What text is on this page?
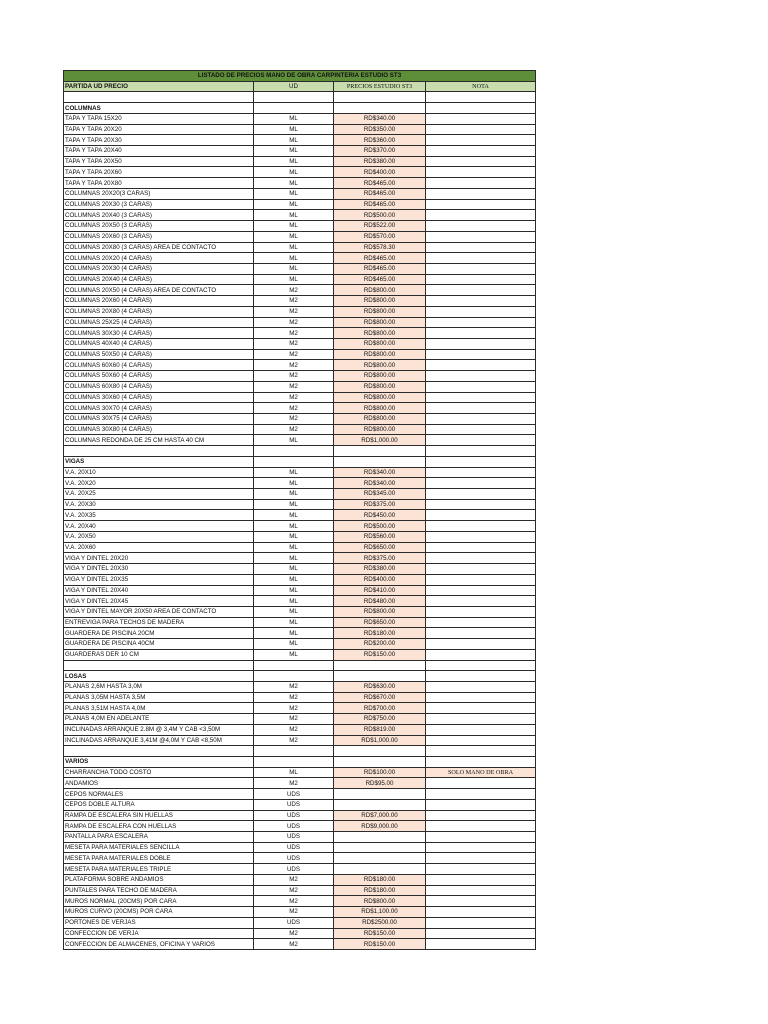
LISTADO DE PRECIOS MANO DE OBRA CARPINTERIA ESTUDIO ST3			
PARTIDA UD PRECIO	UD	PRECIOS ESTUDIO ST3	NOTA

COLUMNAS			
TAPA Y TAPA 15X20	ML	RD$340.00	
TAPA Y TAPA 20X20	ML	RD$350.00	
TAPA Y TAPA 20X30	ML	RD$360.00	
TAPA Y TAPA 20X40	ML	RD$370.00	
TAPA Y TAPA 20X50	ML	RD$380.00	
TAPA Y TAPA 20X60	ML	RD$400.00	
TAPA Y TAPA 20X80	ML	RD$465.00	
COLUMNAS 20X20(3 CARAS)	ML	RD$465.00	
COLUMNAS 20X30 (3 CARAS)	ML	RD$465.00	
COLUMNAS 20X40 (3 CARAS)	ML	RD$500.00	
COLUMNAS 20X50 (3 CARAS)	ML	RD$522.00	
COLUMNAS 20X60 (3 CARAS)	ML	RD$570.00	
COLUMNAS 20X80 (3 CARAS) AREA DE CONTACTO	ML	RD$578.30	
COLUMNAS 20X20 (4 CARAS)	ML	RD$465.00	
COLUMNAS 20X30 (4 CARAS)	ML	RD$465.00	
COLUMNAS 20X40 (4 CARAS)	ML	RD$465.00	
COLUMNAS 20X50 (4 CARAS) AREA DE CONTACTO	M2	RD$800.00	
COLUMNAS 20X60 (4 CARAS)	M2	RD$800.00	
COLUMNAS 20X80 (4 CARAS)	M2	RD$800.00	
COLUMNAS 25X25 (4 CARAS)	M2	RD$800.00	
COLUMNAS 30X30 (4 CARAS)	M2	RD$800.00	
COLUMNAS 40X40 (4 CARAS)	M2	RD$800.00	
COLUMNAS 50X50 (4 CARAS)	M2	RD$800.00	
COLUMNAS 60X60 (4 CARAS)	M2	RD$800.00	
COLUMNAS 50X60 (4 CARAS)	M2	RD$800.00	
COLUMNAS 60X80 (4 CARAS)	M2	RD$800.00	
COLUMNAS 30X60 (4 CARAS)	M2	RD$800.00	
COLUMNAS 30X70 (4 CARAS)	M2	RD$800.00	
COLUMNAS 30X75 (4 CARAS)	M2	RD$800.00	
COLUMNAS 30X80 (4 CARAS)	M2	RD$800.00	
COLUMNAS REDONDA DE 25 CM HASTA 40 CM	ML	RD$1,000.00	

VIGAS			
V.A. 20X10	ML	RD$340.00	
V.A. 20X20	ML	RD$340.00	
V.A. 20X25	ML	RD$345.00	
V.A. 20X30	ML	RD$375.00	
V.A. 20X35	ML	RD$450.00	
V.A. 20X40	ML	RD$500.00	
V.A. 20X50	ML	RD$560.00	
V.A. 20X60	ML	RD$650.00	
VIGA Y DINTEL 20X20	ML	RD$375.00	
VIGA Y DINTEL 20X30	ML	RD$380.00	
VIGA Y DINTEL 20X35	ML	RD$400.00	
VIGA Y DINTEL 20X40	ML	RD$410.00	
VIGA Y DINTEL 20X45	ML	RD$480.00	
VIGA Y DINTEL MAYOR 20X50 AREA DE CONTACTO	ML	RD$800.00	
ENTREVIGA PARA TECHOS DE MADERA	ML	RD$650.00	
GUARDERA DE PISCINA 20CM	ML	RD$180.00	
GUARDERA DE PISCINA 40CM	ML	RD$200.00	
GUARDERAS DER 10 CM	ML	RD$150.00	

LOSAS			
PLANAS 2,6M HASTA 3,0M	M2	RD$630.00	
PLANAS 3,05M HASTA 3,5M	M2	RD$670.00	
PLANAS 3,51M HASTA 4,0M	M2	RD$700.00	
PLANAS 4,0M EN ADELANTE	M2	RD$750.00	
INCLINADAS ARRANQUE 2.8M @ 3,4M Y CAB <3,50M	M2	RD$819.00	
INCLINADAS ARRANQUE 3,41M @4,0M Y CAB <8,50M	M2	RD$1,000.00	

VARIOS			
CHARRANCHA TODO COSTO	ML	RD$100.00	SOLO MANO DE OBRA
ANDAMIOS	M2	RD$95.00	
CEPOS NORMALES	UDS		
CEPOS DOBLE ALTURA	UDS		
RAMPA DE ESCALERA SIN HUELLAS	UDS	RD$7,000.00	
RAMPA DE ESCALERA CON HUELLAS	UDS	RD$9,000.00	
PANTALLA PARA ESCALERA	UDS		
MESETA PARA MATERIALES SENCILLA	UDS		
MESETA PARA MATERIALES DOBLE	UDS		
MESETA PARA MATERIALES TRIPLE	UDS		
PLATAFORMA SOBRE ANDAMIOS	M2	RD$180.00	
PUNTALES PARA TECHO DE MADERA	M2	RD$180.00	
MUROS NORMAL (20CMS) POR CARA	M2	RD$800.00	
MUROS CURVO (20CMS) POR CARA	M2	RD$1,100.00	
PORTONES DE VERJAS	UDS	RD$2500.00	
CONFECCION DE VERJA	M2	RD$150.00	
CONFECCION DE ALMACENES, OFICINA Y VARIOS	M2	RD$150.00	
